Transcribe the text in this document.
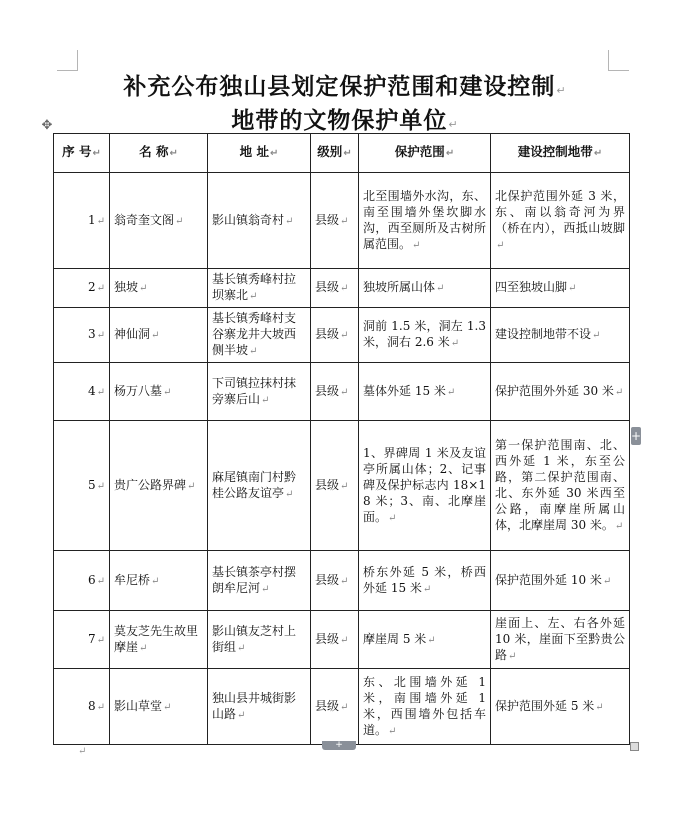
补充公布独山县划定保护范围和建设控制↵
地带的文物保护单位↵
✥
序 号↵	名 称↵	地 址↵	级别↵	保护范围↵	建设控制地带↵
1↵	翁奇奎文阁↵	影山镇翁奇村↵	县级↵	北至围墙外水沟，东、南至围墙外堡坎脚水沟，西至厕所及古树所属范围。↵	北保护范围外延 3 米，东、南以翁奇河为界（桥在内），西抵山坡脚↵
2↵	独坡↵	基长镇秀峰村拉坝寨北↵	县级↵	独坡所属山体↵	四至独坡山脚↵
3↵	神仙洞↵	基长镇秀峰村支谷寨龙井大坡西侧半坡↵	县级↵	洞前 1.5 米，洞左 1.3 米，洞右 2.6 米↵	建设控制地带不设↵
4↵	杨万八墓↵	下司镇拉抹村抹旁寨后山↵	县级↵	墓体外延 15 米↵	保护范围外外延 30 米↵
5↵	贵广公路界碑↵	麻尾镇南门村黔桂公路友谊亭↵	县级↵	1、界碑周 1 米及友谊亭所属山体；2、记事碑及保护标志内 18×18 米；3、南、北摩崖面。↵	第一保护范围南、北、西外延 1 米，东至公路，第二保护范围南、北、东外延 30 米西至公路，南摩崖所属山体，北摩崖周 30 米。↵
6↵	牟尼桥↵	基长镇茶亭村摆朗牟尼河↵	县级↵	桥东外延 5 米，桥西外延 15 米↵	保护范围外延 10 米↵
7↵	莫友芝先生故里摩崖↵	影山镇友芝村上街组↵	县级↵	摩崖周 5 米↵	崖面上、左、右各外延 10 米，崖面下至黔贵公路↵
8↵	影山草堂↵	独山县井城街影山路↵	县级↵	东、北围墙外延 1 米，南围墙外延 1 米，西围墙外包括车道。↵	保护范围外延 5 米↵
+
+
↵
